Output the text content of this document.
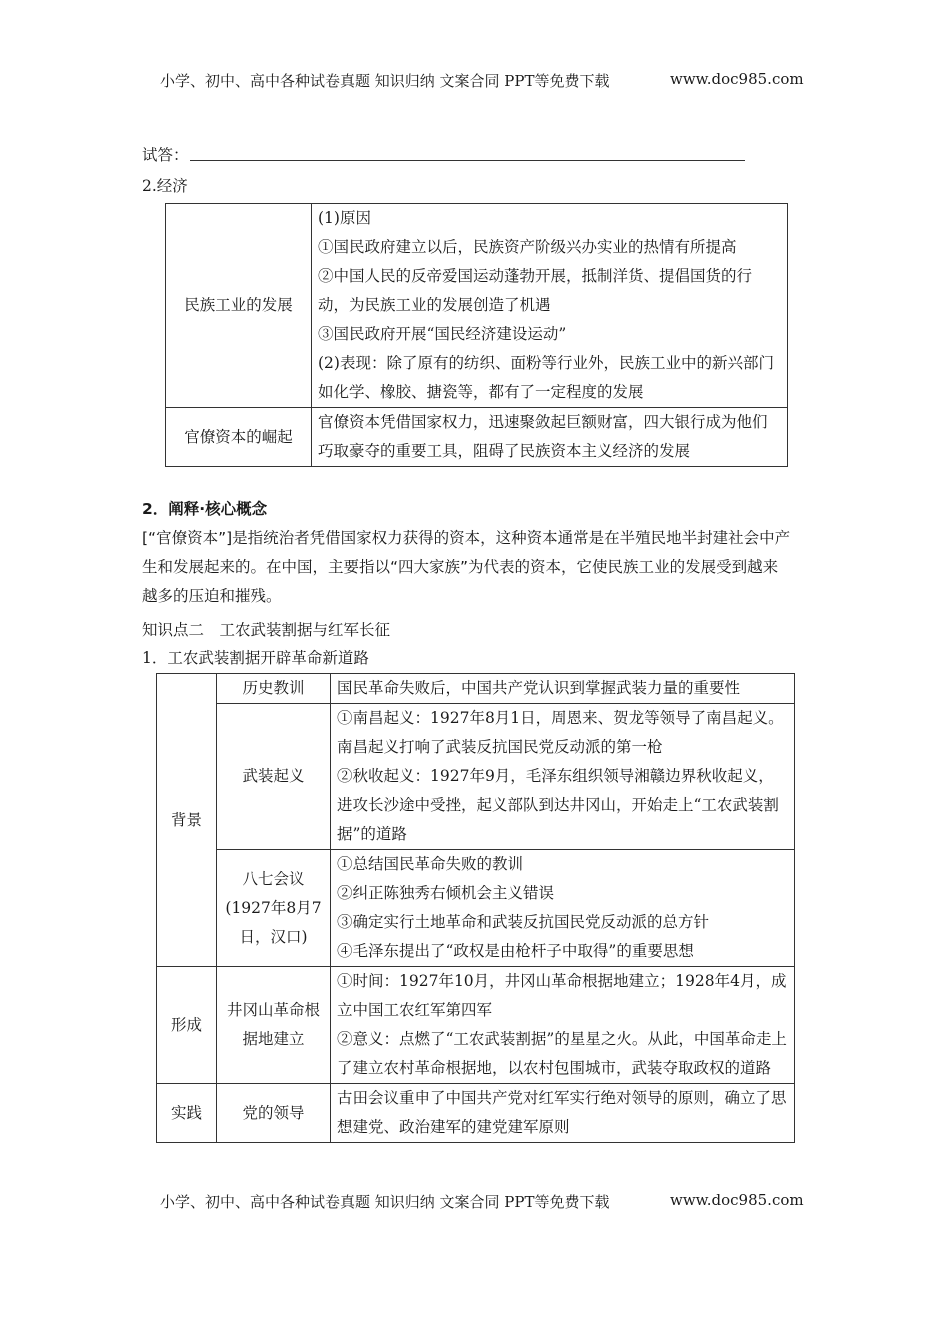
小学、初中、高中各种试卷真题 知识归纳 文案合同 PPT等免费下载	www.doc985.com
试答：
2.经济
民族工业的发展	(1)原因

①国民政府建立以后，民族资产阶级兴办实业的热情有所提高

②中国人民的反帝爱国运动蓬勃开展，抵制洋货、提倡国货的行动，为民族工业的发展创造了机遇

③国民政府开展“国民经济建设运动”

(2)表现：除了原有的纺织、面粉等行业外，民族工业中的新兴部门如化学、橡胶、搪瓷等，都有了一定程度的发展

官僚资本的崛起	官僚资本凭借国家权力，迅速聚敛起巨额财富，四大银行成为他们巧取豪夺的重要工具，阻碍了民族资本主义经济的发展

2．阐释·核心概念
[“官僚资本”]是指统治者凭借国家权力获得的资本，这种资本通常是在半殖民地半封建社会中产生和发展起来的。在中国，主要指以“四大家族”为代表的资本，它使民族工业的发展受到越来越多的压迫和摧残。
知识点二　工农武装割据与红军长征
1．工农武装割据开辟革命新道路
背景	历史教训	国民革命失败后，中国共产党认识到掌握武装力量的重要性

	武装起义	①南昌起义：1927年8月1日，周恩来、贺龙等领导了南昌起义。南昌起义打响了武装反抗国民党反动派的第一枪

②秋收起义：1927年9月，毛泽东组织领导湘赣边界秋收起义，进攻长沙途中受挫，起义部队到达井冈山，开始走上“工农武装割据”的道路

	八七会议(1927年8月7日，汉口)	①总结国民革命失败的教训

②纠正陈独秀右倾机会主义错误

③确定实行土地革命和武装反抗国民党反动派的总方针

④毛泽东提出了“政权是由枪杆子中取得”的重要思想

形成	井冈山革命根据地建立	①时间：1927年10月，井冈山革命根据地建立；1928年4月，成立中国工农红军第四军

②意义：点燃了“工农武装割据”的星星之火。从此，中国革命走上了建立农村革命根据地，以农村包围城市，武装夺取政权的道路

实践	党的领导	古田会议重申了中国共产党对红军实行绝对领导的原则，确立了思想建党、政治建军的建党建军原则

小学、初中、高中各种试卷真题 知识归纳 文案合同 PPT等免费下载	www.doc985.com
